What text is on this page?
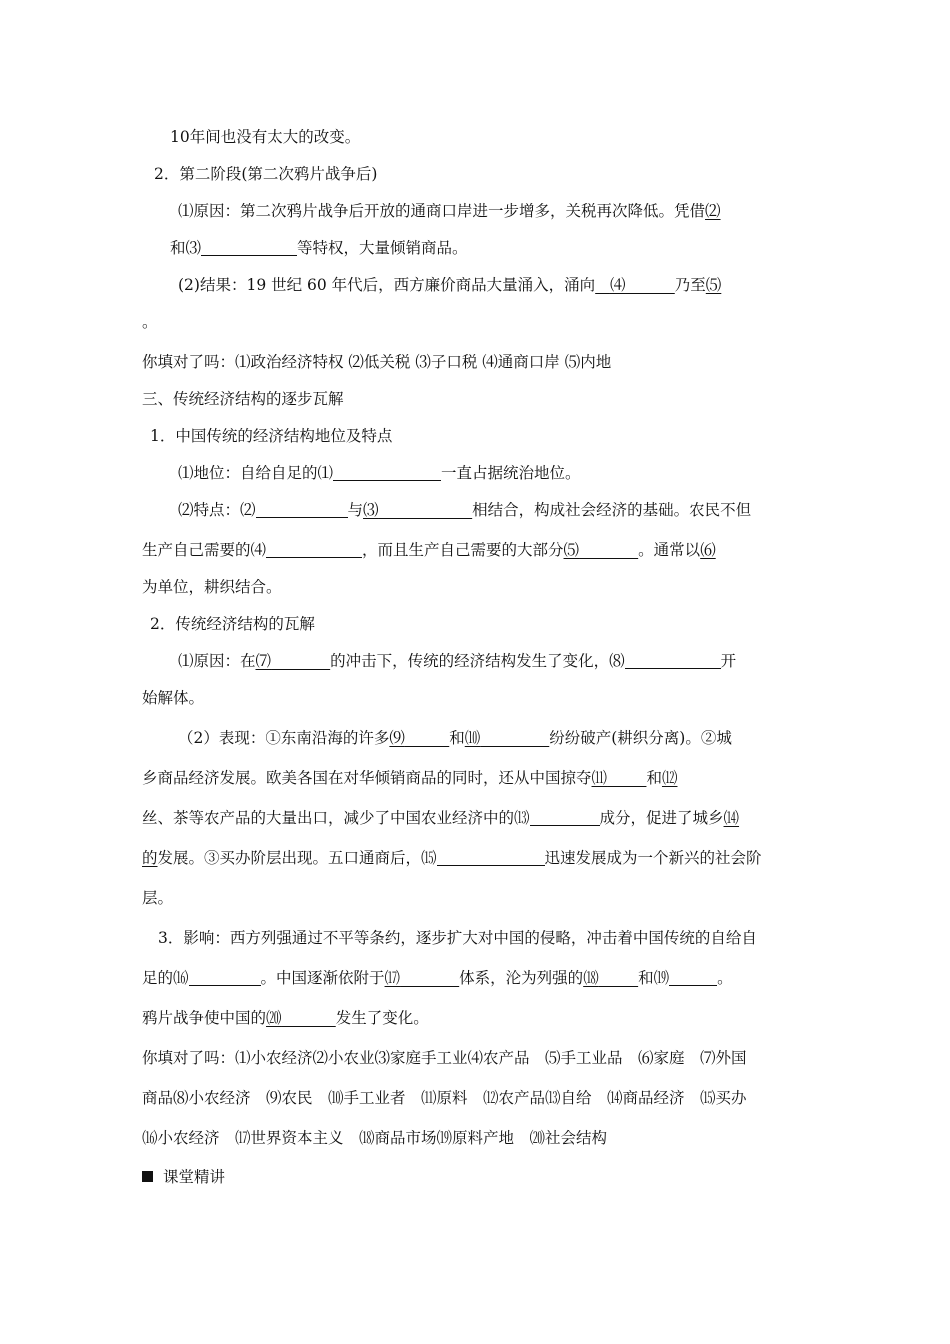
10年间也没有太大的改变。
2．第二阶段(第二次鸦片战争后)
⑴原因：第二次鸦片战争后开放的通商口岸进一步增多，关税再次降低。凭借⑵
和⑶	等特权，大量倾销商品。
(2)结果：19 世纪 60 年代后，西方廉价商品大量涌入，涌向 ⑷	乃至⑸
。
你填对了吗：⑴政治经济特权 ⑵低关税 ⑶子口税 ⑷通商口岸 ⑸内地
三、传统经济结构的逐步瓦解
1．中国传统的经济结构地位及特点
⑴地位：自给自足的⑴	一直占据统治地位。
⑵特点：⑵	与⑶	相结合，构成社会经济的基础。农民不但
生产自己需要的⑷	，而且生产自己需要的大部分⑸	。通常以⑹
为单位，耕织结合。
2．传统经济结构的瓦解
⑴原因：在⑺	的冲击下，传统的经济结构发生了变化，⑻	开
始解体。
（2）表现：①东南沿海的许多⑼	和⑽	纷纷破产(耕织分离)。②城
乡商品经济发展。欧美各国在对华倾销商品的同时，还从中国掠夺⑾	和⑿
丝、茶等农产品的大量出口，减少了中国农业经济中的⒀	成分，促进了城乡⒁
的发展。③买办阶层出现。五口通商后，⒂	迅速发展成为一个新兴的社会阶
层。
3．影响：西方列强通过不平等条约，逐步扩大对中国的侵略，冲击着中国传统的自给自
足的⒃	。中国逐渐依附于⒄	体系，沦为列强的⒅	和⒆	。
鸦片战争使中国的⒇	发生了变化。
你填对了吗：⑴小农经济⑵小农业⑶家庭手工业⑷农产品　⑸手工业品　⑹家庭　⑺外国
商品⑻小农经济　⑼农民　⑽手工业者　⑾原料　⑿农产品⒀自给　⒁商品经济　⒂买办
⒃小农经济　⒄世界资本主义　⒅商品市场⒆原料产地　⒇社会结构
课堂精讲
